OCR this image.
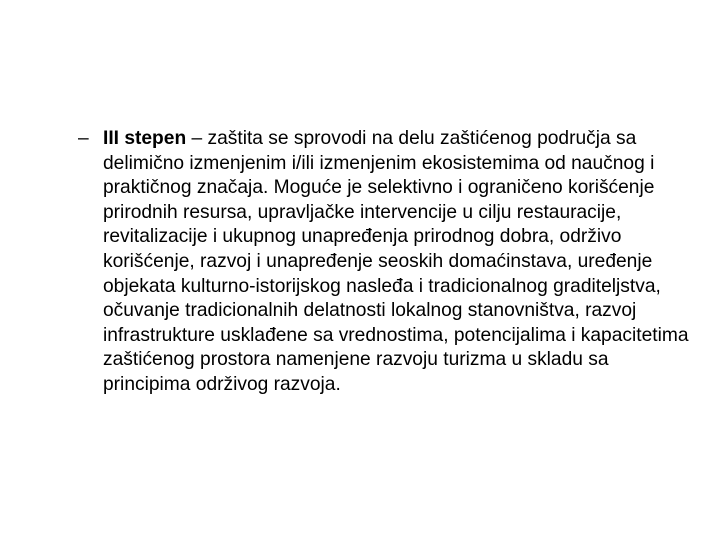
– III stepen – zaštita se sprovodi na delu zaštićenog područja sa delimično izmenjenim i/ili izmenjenim ekosistemima od naučnog i praktičnog značaja. Moguće je selektivno i ograničeno korišćenje prirodnih resursa, upravljačke intervencije u cilju restauracije, revitalizacije i ukupnog unapređenja prirodnog dobra, održivo korišćenje, razvoj i unapređenje seoskih domaćinstava, uređenje objekata kulturno-istorijskog nasleđa i tradicionalnog graditeljstva, očuvanje tradicionalnih delatnosti lokalnog stanovništva, razvoj infrastrukture usklađene sa vrednostima, potencijalima i kapacitetima zaštićenog prostora namenjene razvoju turizma u skladu sa principima održivog razvoja.
